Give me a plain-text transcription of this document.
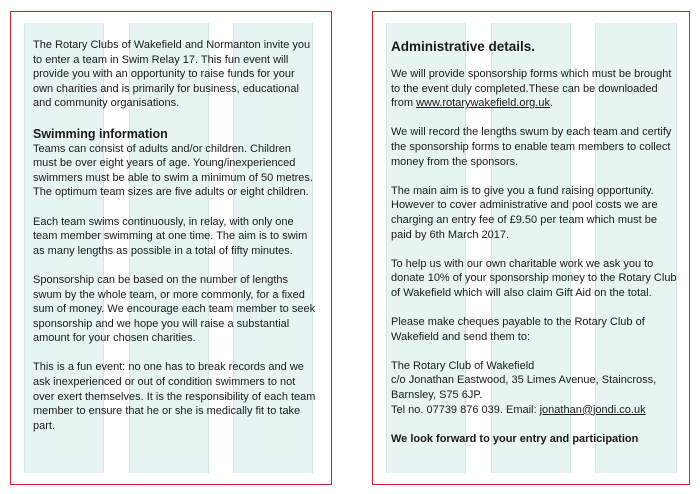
The Rotary Clubs of Wakefield and Normanton invite you to enter a team in Swim Relay 17. This fun event will provide you with an opportunity to raise funds for your own charities and is primarily for business, educational and community organisations.

Swimming information

Teams can consist of adults and/or children. Children must be over eight years of age. Young/inexperienced swimmers must be able to swim a minimum of 50 metres. The optimum team sizes are five adults or eight children.

Each team swims continuously, in relay, with only one team member swimming at one time. The aim is to swim as many lengths as possible in a total of fifty minutes.

Sponsorship can be based on the number of lengths swum by the whole team, or more commonly, for a fixed sum of money. We encourage each team member to seek sponsorship and we hope you will raise a substantial amount for your chosen charities.

This is a fun event: no one has to break records and we ask inexperienced or out of condition swimmers to not over exert themselves. It is the responsibility of each team member to ensure that he or she is medically fit to take part.

Administrative details.

We will provide sponsorship forms which must be brought to the event duly completed.These can be downloaded from www.rotarywakefield.org.uk.

We will record the lengths swum by each team and certify the sponsorship forms to enable team members to collect money from the sponsors.

The main aim is to give you a fund raising opportunity. However to cover administrative and pool costs we are charging an entry fee of £9.50 per team which must be paid by 6th March 2017.

To help us with our own charitable work we ask you to donate 10% of your sponsorship money to the Rotary Club of Wakefield which will also claim Gift Aid on the total.

Please make cheques payable to the Rotary Club of Wakefield and send them to:

The Rotary Club of Wakefield
c/o Jonathan Eastwood, 35 Limes Avenue, Staincross, Barnsley, S75 6JP.
Tel no. 07739 876 039. Email: jonathan@jondi.co.uk

We look forward to your entry and participation
